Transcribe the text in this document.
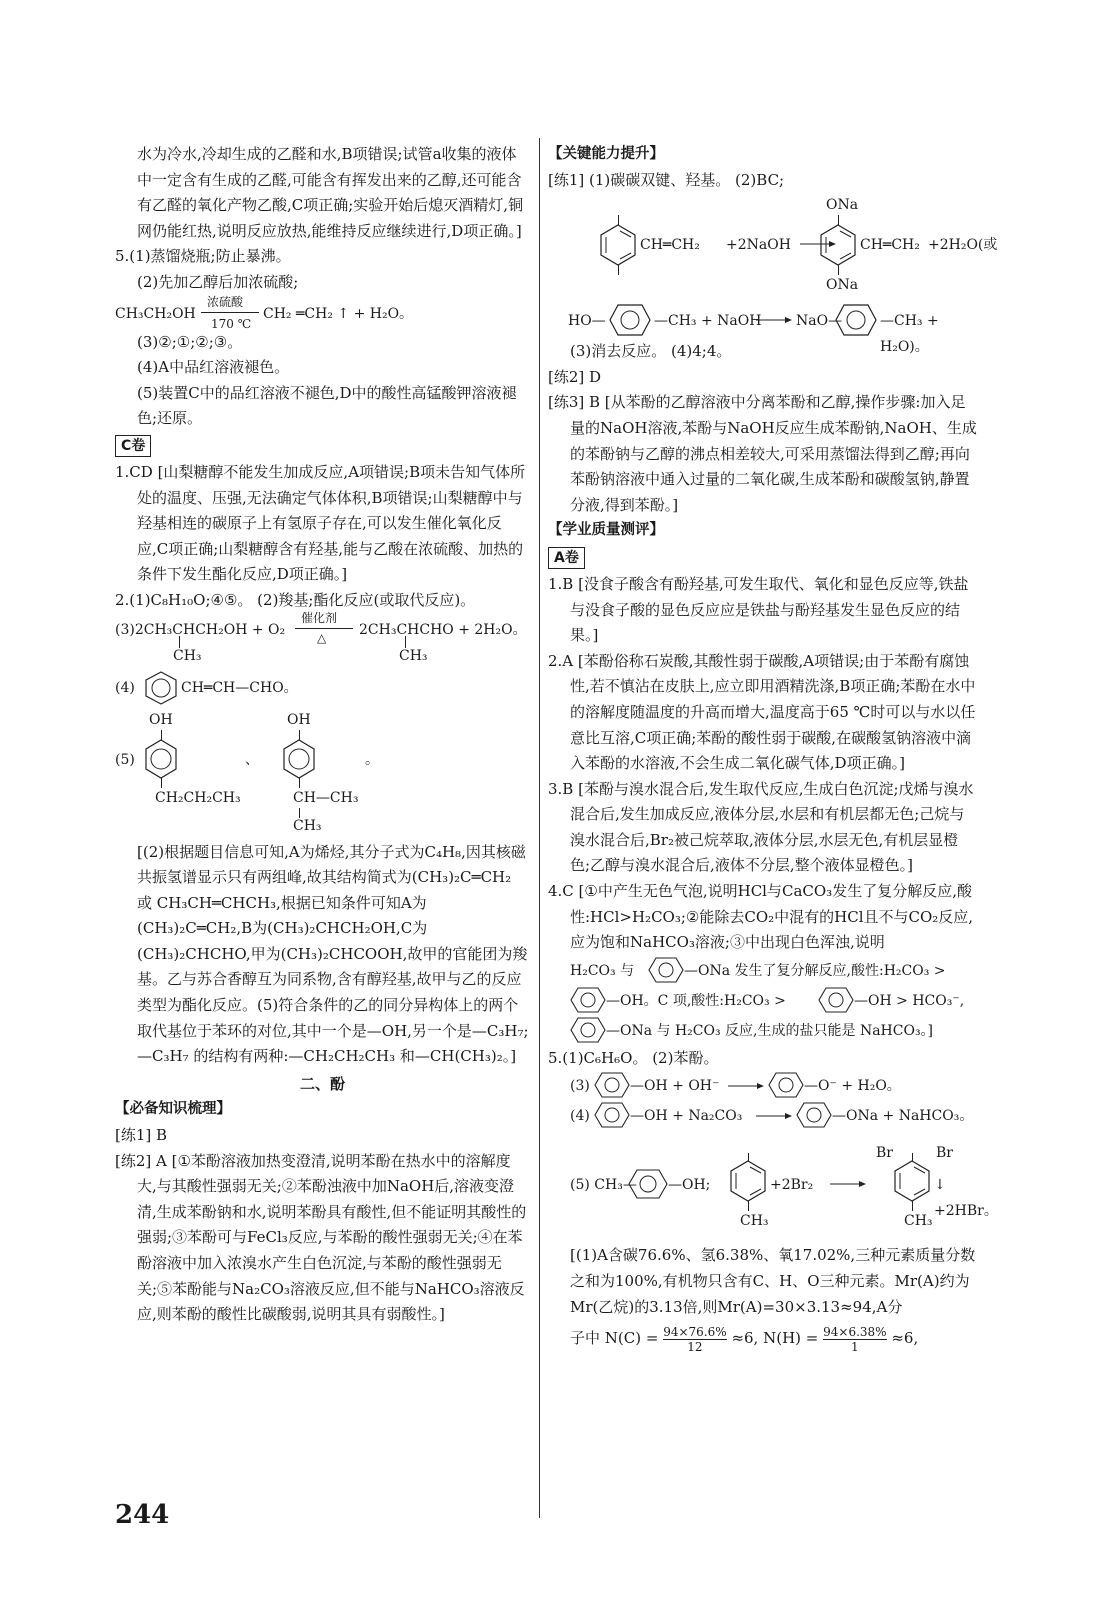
水为冷水,冷却生成的乙醛和水,B项错误;试管a收集的液体中一定含有生成的乙醛,可能含有挥发出来的乙醇,还可能含有乙醛的氧化产物乙酸,C项正确;实验开始后熄灭酒精灯,铜网仍能红热,说明反应放热,能维持反应继续进行,D项正确。]

5.(1)蒸馏烧瓶;防止暴沸。

(2)先加乙醇后加浓硫酸;

CH₃CH₂OH
浓硫酸
170 ℃
CH₂ ═CH₂ ↑ + H₂O。

(3)②;①;②;③。

(4)A中品红溶液褪色。

(5)装置C中的品红溶液不褪色,D中的酸性高锰酸钾溶液褪色;还原。

C卷

1.CD [山梨糖醇不能发生加成反应,A项错误;B项未告知气体所处的温度、压强,无法确定气体体积,B项错误;山梨糖醇中与羟基相连的碳原子上有氢原子存在,可以发生催化氧化反应,C项正确;山梨糖醇含有羟基,能与乙酸在浓硫酸、加热的条件下发生酯化反应,D项正确。]

2.(1)C₈H₁₀O;④⑤。 (2)羧基;酯化反应(或取代反应)。

(3)2CH₃CHCH₂OH + O₂
催化剂
△ 2CH₃CHCHO + 2H₂O。
CH₃	CH₃
(4)	CH═CH—CHO。
OH
(5)
CH₂CH₂CH₃
、
OH
CH—CH₃
CH₃
。

[(2)根据题目信息可知,A为烯烃,其分子式为C₄H₈,因其核磁共振氢谱显示只有两组峰,故其结构简式为(CH₃)₂C═CH₂ 或 CH₃CH═CHCH₃,根据已知条件可知A为(CH₃)₂C═CH₂,B为(CH₃)₂CHCH₂OH,C为(CH₃)₂CHCHO,甲为(CH₃)₂CHCOOH,故甲的官能团为羧基。乙与苏合香醇互为同系物,含有醇羟基,故甲与乙的反应类型为酯化反应。(5)符合条件的乙的同分异构体上的两个取代基位于苯环的对位,其中一个是—OH,另一个是—C₃H₇;—C₃H₇ 的结构有两种:—CH₂CH₂CH₃ 和—CH(CH₃)₂。]

二、酚

【必备知识梳理】

[练1] B

[练2] A [①苯酚溶液加热变澄清,说明苯酚在热水中的溶解度大,与其酸性强弱无关;②苯酚浊液中加NaOH后,溶液变澄清,生成苯酚钠和水,说明苯酚具有酸性,但不能证明其酸性的强弱;③苯酚可与FeCl₃反应,与苯酚的酸性强弱无关;④在苯酚溶液中加入浓溴水产生白色沉淀,与苯酚的酸性强弱无关;⑤苯酚能与Na₂CO₃溶液反应,但不能与NaHCO₃溶液反应,则苯酚的酸性比碳酸弱,说明其具有弱酸性。]

【关键能力提升】

[练1] (1)碳碳双键、羟基。 (2)BC;

CH═CH₂ +2NaOH
ONa
CH═CH₂
ONa
+2H₂O(或
HO—	—CH₃ + NaOH NaO—	—CH₃ + H₂O)。

(3)消去反应。 (4)4;4。

[练2] D

[练3] B [从苯酚的乙醇溶液中分离苯酚和乙醇,操作步骤:加入足量的NaOH溶液,苯酚与NaOH反应生成苯酚钠,NaOH、生成的苯酚钠与乙醇的沸点相差较大,可采用蒸馏法得到乙醇;再向苯酚钠溶液中通入过量的二氧化碳,生成苯酚和碳酸氢钠,静置分液,得到苯酚。]

【学业质量测评】

A卷

1.B [没食子酸含有酚羟基,可发生取代、氧化和显色反应等,铁盐与没食子酸的显色反应应是铁盐与酚羟基发生显色反应的结果。]

2.A [苯酚俗称石炭酸,其酸性弱于碳酸,A项错误;由于苯酚有腐蚀性,若不慎沾在皮肤上,应立即用酒精洗涤,B项正确;苯酚在水中的溶解度随温度的升高而增大,温度高于65 ℃时可以与水以任意比互溶,C项正确;苯酚的酸性弱于碳酸,在碳酸氢钠溶液中滴入苯酚的水溶液,不会生成二氧化碳气体,D项正确。]

3.B [苯酚与溴水混合后,发生取代反应,生成白色沉淀;戊烯与溴水混合后,发生加成反应,液体分层,水层和有机层都无色;己烷与溴水混合后,Br₂被己烷萃取,液体分层,水层无色,有机层显橙色;乙醇与溴水混合后,液体不分层,整个液体显橙色。]

4.C [①中产生无色气泡,说明HCl与CaCO₃发生了复分解反应,酸性:HCl>H₂CO₃;②能除去CO₂中混有的HCl且不与CO₂反应,应为饱和NaHCO₃溶液;③中出现白色浑浊,说明

H₂CO₃ 与	—ONa 发生了复分解反应,酸性:H₂CO₃ >
—OH。C 项,酸性:H₂CO₃ >	—OH > HCO₃⁻,
—ONa 与 H₂CO₃ 反应,生成的盐只能是 NaHCO₃。]

5.(1)C₆H₆O。 (2)苯酚。

(3)	—OH + OH⁻	—O⁻ + H₂O。
(4)	—OH + Na₂CO₃	—ONa + NaHCO₃。
(5) CH₃— —OH;
CH₃
+2Br₂
Br	Br
CH₃
↓ +2HBr。

[(1)A含碳76.6%、氢6.38%、氧17.02%,三种元素质量分数之和为100%,有机物只含有C、H、O三种元素。Mr(A)约为Mr(乙烷)的3.13倍,则Mr(A)=30×3.13≈94,A分

子中 $N(C) = \frac{94\times 76.6\%}{12} \approx 6$, $N(H) = \frac{94\times 6.38\%}{1} \approx 6$,
244
